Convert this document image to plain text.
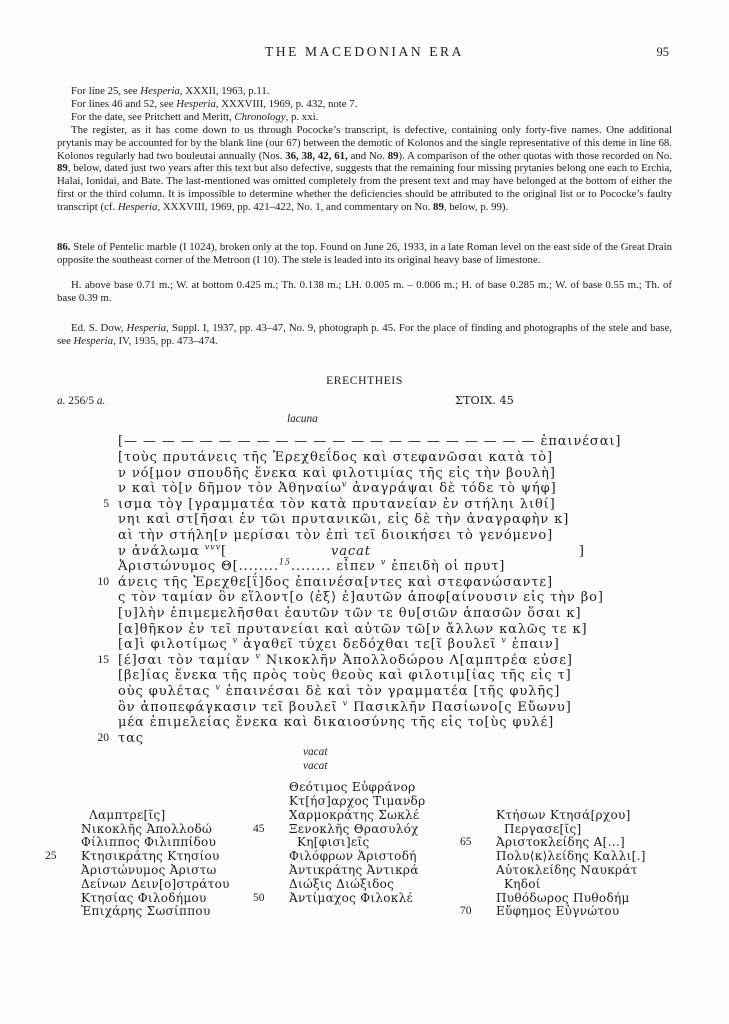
THE MACEDONIAN ERA	95
For line 25, see Hesperia, XXXII, 1963, p.11.
For lines 46 and 52, see Hesperia, XXXVIII, 1969, p. 432, note 7.
For the date, see Pritchett and Meritt, Chronology, p. xxi.
The register, as it has come down to us through Pococke’s transcript, is defective, containing only forty-five names. One additional prytanis may be accounted for by the blank line (our 67) between the demotic of Kolonos and the single representative of this deme in line 68. Kolonos regularly had two bouleutai annually (Nos. 36, 38, 42, 61, and No. 89). A comparison of the other quotas with those recorded on No. 89, below, dated just two years after this text but also defective, suggests that the remaining four missing prytanies belong one each to Erchia, Halai, Ionidai, and Bate. The last-mentioned was omitted completely from the present text and may have belonged at the bottom of either the first or the third column. It is impossible to determine whether the deficiencies should be attributed to the original list or to Pococke’s faulty transcript (cf. Hesperia, XXXVIII, 1969, pp. 421–422, No. 1, and commentary on No. 89, below, p. 99).
86. Stele of Pentelic marble (I 1024), broken only at the top. Found on June 26, 1933, in a late Roman level on the east side of the Great Drain opposite the southeast corner of the Metroon (I 10). The stele is leaded into its original heavy base of limestone.
H. above base 0.71 m.; W. at bottom 0.425 m.; Th. 0.138 m.; LH. 0.005 m. – 0.006 m.; H. of base 0.285 m.; W. of base 0.55 m.; Th. of base 0.39 m.
Ed. S. Dow, Hesperia, Suppl. I, 1937, pp. 43–47, No. 9, photograph p. 45. For the place of finding and photographs of the stele and base, see Hesperia, IV, 1935, pp. 473–474.
ERECHTHEIS
a. 256/5 a.	ΣΤΟΙΧ. 45
lacuna
[— — — — — — — — — — — — — — — — — — — — — — ἐπαινέσαι]
[τοὺς πρυτάνεις τῆς Ἐρεχθεΐδος καὶ στεφανῶσαι κατὰ τὸ]
ν νό[μον σπουδῆς ἕνεκα καὶ φιλοτιμίας τῆς εἰς τὴν βουλὴ]
ν καὶ τὸ[ν δῆμον τὸν Ἀθηναίω$^v$ ἀναγράψαι δὲ τόδε τὸ ψήφ]
5 ισμα τὸγ [γραμματέα τὸν κατὰ πρυτανείαν ἐν στήληι λιθί]
νηι καὶ στ[ῆσαι ἐν τῶι πρυτανικῶι, εἰς δὲ τὴν ἀναγραφὴν κ]
αὶ τὴν στήλη[ν μερίσαι τὸν ἐπὶ τεῖ διοικήσει τὸ γενόμενο]
ν ἀνάλωμα $^{vvv}$[	vacat	]
Ἀριστώνυμος Θ[........$^{15}$........ εἶπεν $^v$ ἐπειδὴ οἱ πρυτ]
10 άνεις τῆς Ἐρεχθε[ΐ]δος ἐπαινέσα[ντες καὶ στεφανώσαντε]
ς τὸν ταμίαν ὃν εἵλοντ[ο ⟨ἐξ⟩ ἑ]αυτῶν ἀποφ[αίνουσιν εἰς τὴν βο]
[υ]λὴν ἐπιμεμελῆσθαι ἑαυτῶν τῶν τε θυ[σιῶν ἁπασῶν ὅσαι κ]
[α]θῆκον ἐν τεῖ πρυτανείαι καὶ αὐτῶν τῶ[ν ἄλλων καλῶς τε κ]
[α]ὶ φιλοτίμως $^v$ ἀγαθεῖ τύχει δεδόχθαι τε[ῖ βουλεῖ $^v$ ἐπαιν]
15 [έ]σαι τὸν ταμίαν $^v$ Νικοκλῆν Ἀπολλοδώρου Λ[αμπτρέα εὐσε]
[βε]ίας ἕνεκα τῆς πρὸς τοὺς θεοὺς καὶ φιλοτιμ[ίας τῆς εἰς τ]
οὺς φυλέτας $^v$ ἐπαινέσαι δὲ καὶ τὸν γραμματέα [τῆς φυλῆς]
ὃν ἀποπεφάγκασιν τεῖ βουλεῖ $^v$ Πασικλῆν Πασίωνο[ς Εὔωνυ]
μέα ἐπιμελείας ἕνεκα καὶ δικαιοσύνης τῆς εἰς το[ὺς φυλέ]
20 τας
vacat
vacat
Λαμπτρε[ῖς]
Νικοκλῆς Ἀπολλοδώ
Φίλιππος Φιλιππίδου
25	Κτησικράτης Κτησίου
Ἀριστώνυμος Ἀριστω
Δείνων Δειν[ο]στράτου
Κτησίας Φιλοδήμου
Ἐπιχάρης Σωσίππου
Θεότιμος Εὐφράνορ
Κτ[ήσ]αρχος Τιμανδρ
Χαρμοκράτης Σωκλέ
45	Ξενοκλῆς Θρασυλόχ
Κη[φισι]εῖς
Φιλόφρων Ἀριστοδή
Ἀντικράτης Ἀντικρά
Διώξις Διώξιδος
50	Ἀντίμαχος Φιλοκλέ
Κτήσων Κτησά[ρχου]
Περγασε[ῖς]
65	Ἀριστοκλείδης Α[...]
Πολυ⟨κ⟩λείδης Καλλι[.]
Αὐτοκλείδης Ναυκράτ
Κηδοί
Πυθόδωρος Πυθοδήμ
70	Εὔφημος Εὐγνώτου
